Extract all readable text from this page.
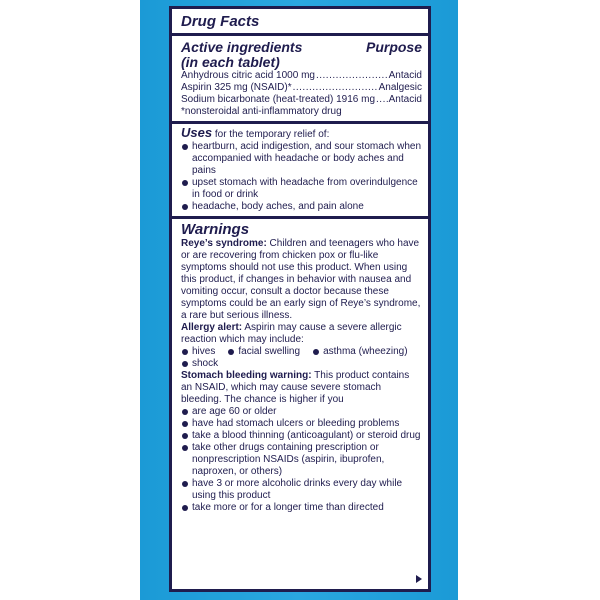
Drug Facts
Active ingredients	Purpose
(in each tablet)
Anhydrous citric acid 1000 mg .....	Antacid
Aspirin 325 mg (NSAID)* .....	Analgesic
Sodium bicarbonate (heat-treated) 1916 mg ..... Antacid
*nonsteroidal anti-inflammatory drug
Uses for the temporary relief of:
heartburn, acid indigestion, and sour stomach when accompanied with headache or body aches and pains
upset stomach with headache from overindulgence in food or drink
headache, body aches, and pain alone
Warnings

Reye’s syndrome: Children and teenagers who have or are recovering from chicken pox or flu-like symptoms should not use this product. When using this product, if changes in behavior with nausea and vomiting occur, consult a doctor because these symptoms could be an early sign of Reye’s syndrome, a rare but serious illness.

Allergy alert: Aspirin may cause a severe allergic reaction which may include:

hives	facial swelling	asthma (wheezing)
shock

Stomach bleeding warning: This product contains an NSAID, which may cause severe stomach bleeding. The chance is higher if you

are age 60 or older
have had stomach ulcers or bleeding problems
take a blood thinning (anticoagulant) or steroid drug
take other drugs containing prescription or nonprescription NSAIDs (aspirin, ibuprofen, naproxen, or others)
have 3 or more alcoholic drinks every day while using this product
take more or for a longer time than directed
